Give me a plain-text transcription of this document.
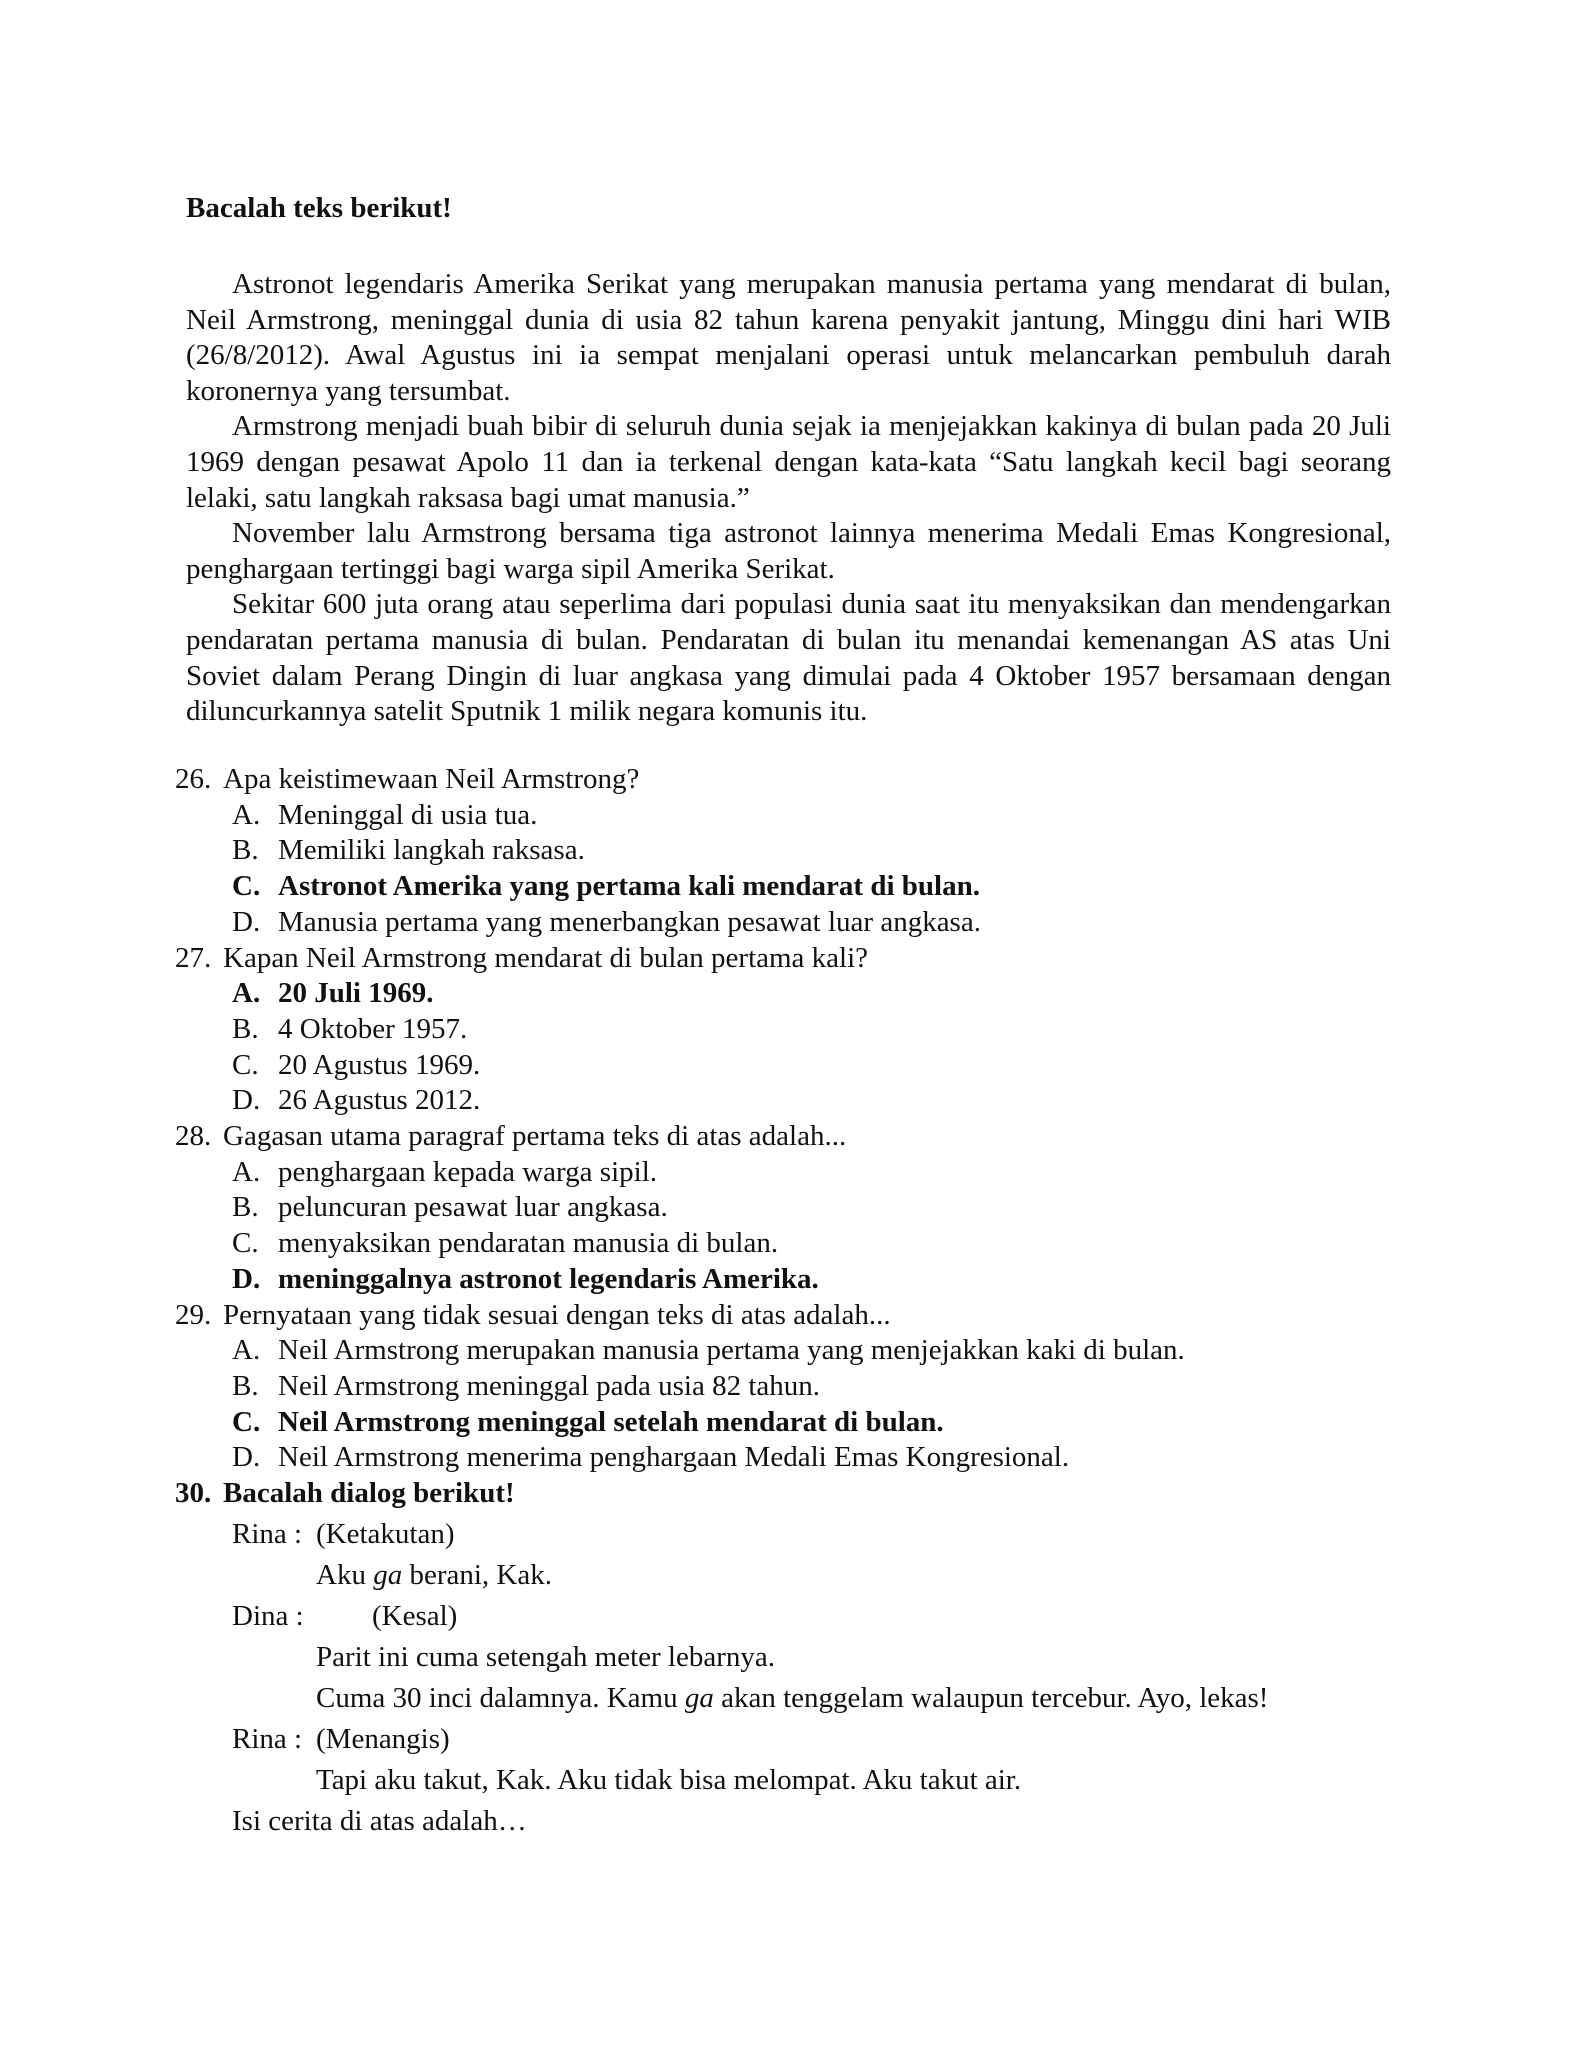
Bacalah teks berikut!

Astronot legendaris Amerika Serikat yang merupakan manusia pertama yang mendarat di bulan, Neil Armstrong, meninggal dunia di usia 82 tahun karena penyakit jantung, Minggu dini hari WIB (26/8/2012). Awal Agustus ini ia sempat menjalani operasi untuk melancarkan pembuluh darah koronernya yang tersumbat.

Armstrong menjadi buah bibir di seluruh dunia sejak ia menjejakkan kakinya di bulan pada 20 Juli 1969 dengan pesawat Apolo 11 dan ia terkenal dengan kata-kata “Satu langkah kecil bagi seorang lelaki, satu langkah raksasa bagi umat manusia.”

November lalu Armstrong bersama tiga astronot lainnya menerima Medali Emas Kongresional, penghargaan tertinggi bagi warga sipil Amerika Serikat.

Sekitar 600 juta orang atau seperlima dari populasi dunia saat itu menyaksikan dan mendengarkan pendaratan pertama manusia di bulan. Pendaratan di bulan itu menandai kemenangan AS atas Uni Soviet dalam Perang Dingin di luar angkasa yang dimulai pada 4 Oktober 1957 bersamaan dengan diluncurkannya satelit Sputnik 1 milik negara komunis itu.

26. Apa keistimewaan Neil Armstrong?
A. Meninggal di usia tua.
B. Memiliki langkah raksasa.
C. Astronot Amerika yang pertama kali mendarat di bulan.
D. Manusia pertama yang menerbangkan pesawat luar angkasa.
27. Kapan Neil Armstrong mendarat di bulan pertama kali?
A. 20 Juli 1969.
B. 4 Oktober 1957.
C. 20 Agustus 1969.
D. 26 Agustus 2012.
28. Gagasan utama paragraf pertama teks di atas adalah...
A. penghargaan kepada warga sipil.
B. peluncuran pesawat luar angkasa.
C. menyaksikan pendaratan manusia di bulan.
D. meninggalnya astronot legendaris Amerika.
29. Pernyataan yang tidak sesuai dengan teks di atas adalah...
A. Neil Armstrong merupakan manusia pertama yang menjejakkan kaki di bulan.
B. Neil Armstrong meninggal pada usia 82 tahun.
C. Neil Armstrong meninggal setelah mendarat di bulan.
D. Neil Armstrong menerima penghargaan Medali Emas Kongresional.
30. Bacalah dialog berikut!
Rina : (Ketakutan)
Aku ga berani, Kak.
Dina :	(Kesal)
Parit ini cuma setengah meter lebarnya.
Cuma 30 inci dalamnya. Kamu ga akan tenggelam walaupun tercebur. Ayo, lekas!
Rina : (Menangis)
Tapi aku takut, Kak. Aku tidak bisa melompat. Aku takut air.
Isi cerita di atas adalah…
